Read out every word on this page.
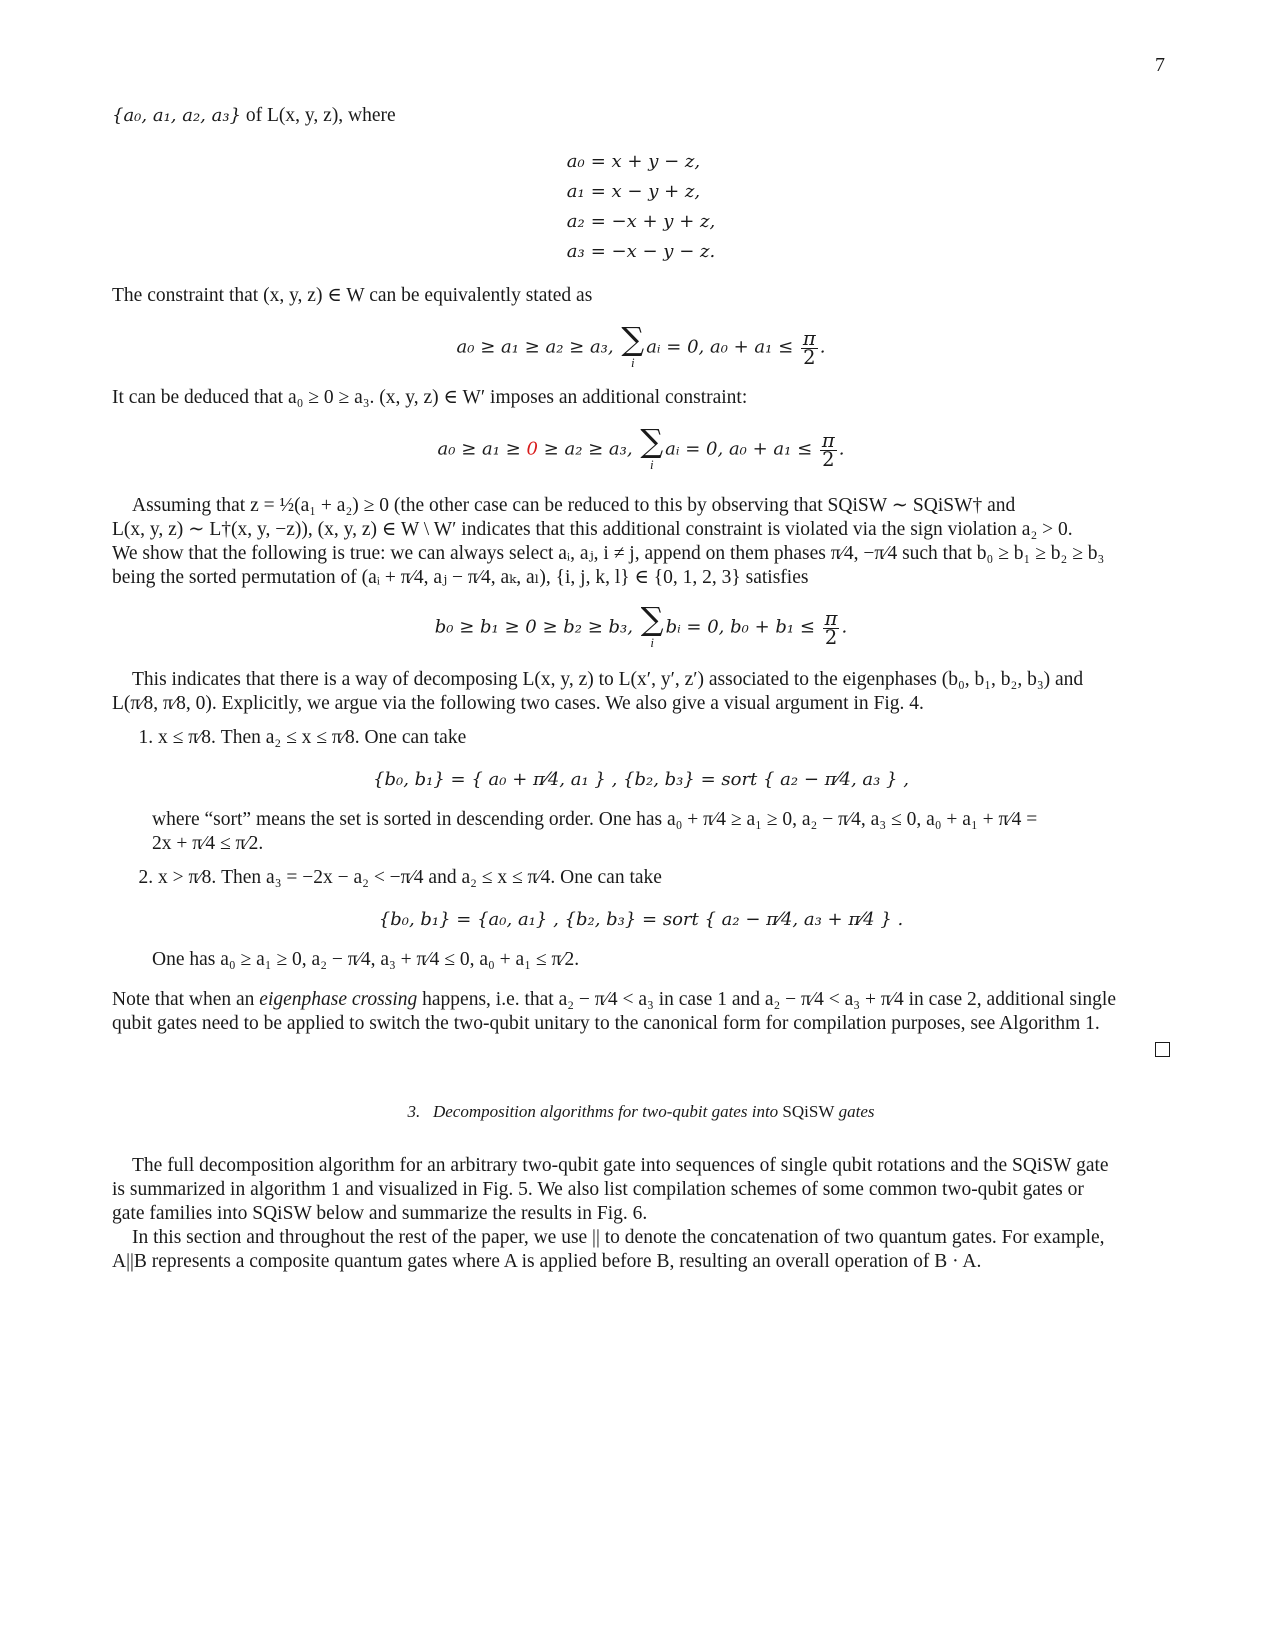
7

{a₀, a₁, a₂, a₃} of L(x, y, z), where

a₀ = x + y − z,
a₁ = x − y + z,
a₂ = −x + y + z,
a₃ = −x − y − z.

The constraint that (x, y, z) ∈ W can be equivalently stated as

a₀ ≥ a₁ ≥ a₂ ≥ a₃, ∑
i
aᵢ = 0, $a_0 + a_1 \le \frac{\pi}{2}$ .

It can be deduced that a₀ ≥ 0 ≥ a₃. (x, y, z) ∈ W′ imposes an additional constraint:

a₀ ≥ a₁ ≥ 0 ≥ a₂ ≥ a₃, ∑
i
aᵢ = 0, $a_0 + a_1 \le \frac{\pi}{2}$ .

Assuming that z = ½(a₁ + a₂) ≥ 0 (the other case can be reduced to this by observing that SQiSW ∼ SQiSW† and

L(x, y, z) ∼ L†(x, y, −z)), (x, y, z) ∈ W \ W′ indicates that this additional constraint is violated via the sign violation a₂ > 0.

We show that the following is true: we can always select aᵢ, aⱼ, i ≠ j, append on them phases π⁄4, −π⁄4 such that b₀ ≥ b₁ ≥ b₂ ≥ b₃

being the sorted permutation of (aᵢ + π⁄4, aⱼ − π⁄4, aₖ, aₗ), {i, j, k, l} ∈ {0, 1, 2, 3} satisfies

b₀ ≥ b₁ ≥ 0 ≥ b₂ ≥ b₃, ∑
i
bᵢ = 0, $b_0 + b_1 \le \frac{\pi}{2}$ .

This indicates that there is a way of decomposing L(x, y, z) to L(x′, y′, z′) associated to the eigenphases (b₀, b₁, b₂, b₃) and

L(π⁄8, π⁄8, 0). Explicitly, we argue via the following two cases. We also give a visual argument in Fig. 4.

1. x ≤ π⁄8. Then a₂ ≤ x ≤ π⁄8. One can take
{b₀, b₁} = { a₀ + π⁄4, a₁ } , {b₂, b₃} = sort { a₂ − π⁄4, a₃ } ,

where “sort” means the set is sorted in descending order. One has a₀ + π⁄4 ≥ a₁ ≥ 0, a₂ − π⁄4, a₃ ≤ 0, a₀ + a₁ + π⁄4 =

2x + π⁄4 ≤ π⁄2.

2. x > π⁄8. Then a₃ = −2x − a₂ < −π⁄4 and a₂ ≤ x ≤ π⁄4. One can take
{b₀, b₁} = {a₀, a₁} , {b₂, b₃} = sort { a₂ − π⁄4, a₃ + π⁄4 } .

One has a₀ ≥ a₁ ≥ 0, a₂ − π⁄4, a₃ + π⁄4 ≤ 0, a₀ + a₁ ≤ π⁄2.

Note that when an eigenphase crossing happens, i.e. that a₂ − π⁄4 < a₃ in case 1 and a₂ − π⁄4 < a₃ + π⁄4 in case 2, additional single

qubit gates need to be applied to switch the two-qubit unitary to the canonical form for compilation purposes, see Algorithm 1.

3. Decomposition algorithms for two-qubit gates into SQiSW gates

The full decomposition algorithm for an arbitrary two-qubit gate into sequences of single qubit rotations and the SQiSW gate

is summarized in algorithm 1 and visualized in Fig. 5. We also list compilation schemes of some common two-qubit gates or

gate families into SQiSW below and summarize the results in Fig. 6.

In this section and throughout the rest of the paper, we use || to denote the concatenation of two quantum gates. For example,

A||B represents a composite quantum gates where A is applied before B, resulting an overall operation of B · A.
